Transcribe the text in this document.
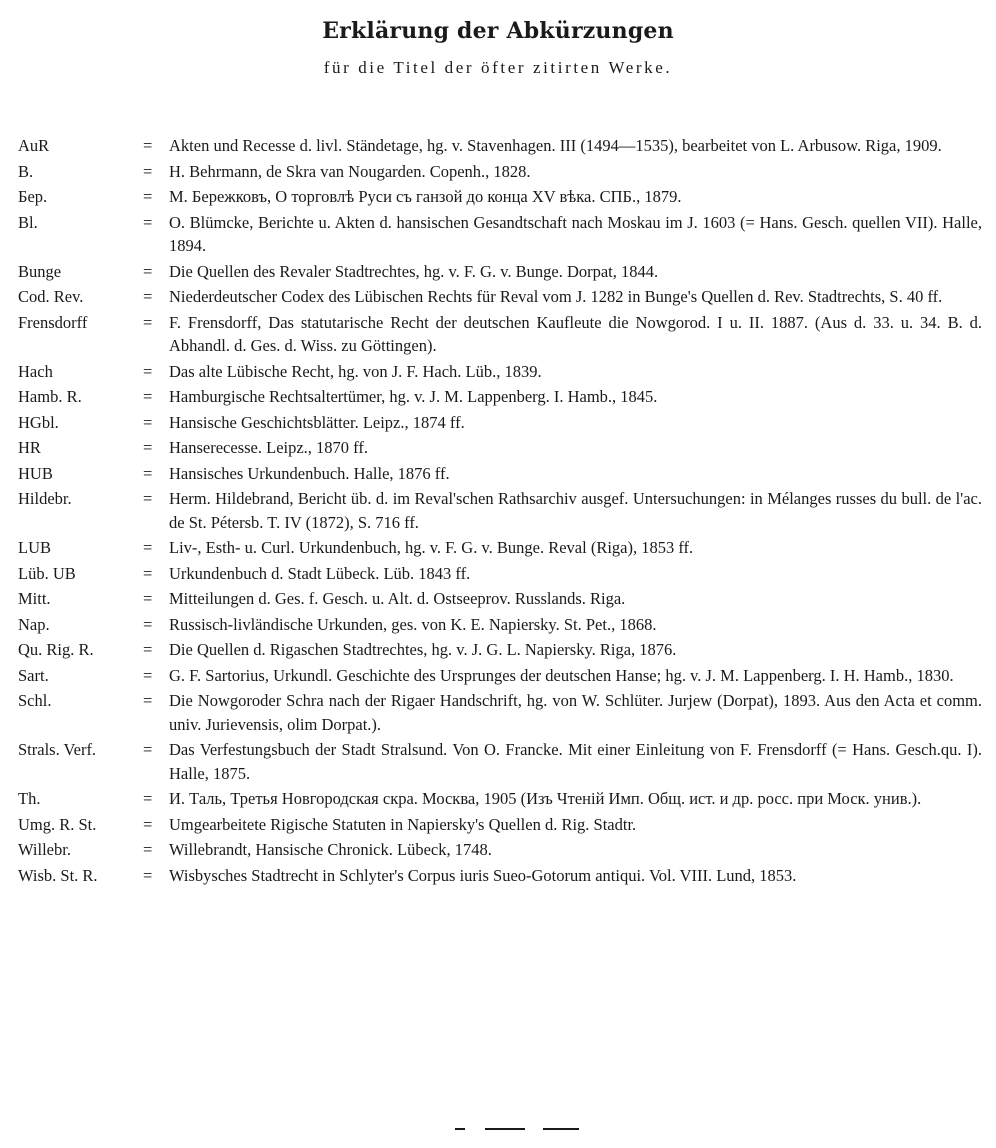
Erklärung der Abkürzungen
für die Titel der öfter zitirten Werke.
AuR	=	Akten und Recesse d. livl. Ständetage, hg. v. Stavenhagen. III (1494—1535), bearbeitet von L. Arbusow. Riga, 1909.
B.	=	H. Behrmann, de Skra van Nougarden. Copenh., 1828.
Бер.	=	М. Бережковъ, О торговлѣ Руси съ ганзой до конца XV вѣка. СПБ., 1879.
Bl.	=	O. Blümcke, Berichte u. Akten d. hansischen Gesandtschaft nach Moskau im J. 1603 (= Hans. Gesch. quellen VII). Halle, 1894.
Bunge	=	Die Quellen des Revaler Stadtrechtes, hg. v. F. G. v. Bunge. Dorpat, 1844.
Cod. Rev.	=	Niederdeutscher Codex des Lübischen Rechts für Reval vom J. 1282 in Bunge's Quellen d. Rev. Stadtrechts, S. 40 ff.
Frensdorff	=	F. Frensdorff, Das statutarische Recht der deutschen Kaufleute die Nowgorod. I u. II. 1887. (Aus d. 33. u. 34. B. d. Abhandl. d. Ges. d. Wiss. zu Göttingen).
Hach	=	Das alte Lübische Recht, hg. von J. F. Hach. Lüb., 1839.
Hamb. R.	=	Hamburgische Rechtsaltertümer, hg. v. J. M. Lappenberg. I. Hamb., 1845.
HGbl.	=	Hansische Geschichtsblätter. Leipz., 1874 ff.
HR	=	Hanserecesse. Leipz., 1870 ff.
HUB	=	Hansisches Urkundenbuch. Halle, 1876 ff.
Hildebr.	=	Herm. Hildebrand, Bericht üb. d. im Reval'schen Rathsarchiv ausgef. Untersuchungen: in Mélanges russes du bull. de l'ac. de St. Pétersb. T. IV (1872), S. 716 ff.
LUB	=	Liv-, Esth- u. Curl. Urkundenbuch, hg. v. F. G. v. Bunge. Reval (Riga), 1853 ff.
Lüb. UB	=	Urkundenbuch d. Stadt Lübeck. Lüb. 1843 ff.
Mitt.	=	Mitteilungen d. Ges. f. Gesch. u. Alt. d. Ostseeprov. Russlands. Riga.
Nap.	=	Russisch-livländische Urkunden, ges. von K. E. Napiersky. St. Pet., 1868.
Qu. Rig. R.	=	Die Quellen d. Rigaschen Stadtrechtes, hg. v. J. G. L. Napiersky. Riga, 1876.
Sart.	=	G. F. Sartorius, Urkundl. Geschichte des Ursprunges der deutschen Hanse; hg. v. J. M. Lappenberg. I. H. Hamb., 1830.
Schl.	=	Die Nowgoroder Schra nach der Rigaer Handschrift, hg. von W. Schlüter. Jurjew (Dorpat), 1893. Aus den Acta et comm. univ. Jurievensis, olim Dorpat.).
Strals. Verf.	=	Das Verfestungsbuch der Stadt Stralsund. Von O. Francke. Mit einer Einleitung von F. Frensdorff (= Hans. Gesch.qu. I). Halle, 1875.
Th.	=	И. Таль, Третья Новгородская скра. Москва, 1905 (Изъ Чтеній Имп. Общ. ист. и др. росс. при Моск. унив.).
Umg. R. St.	=	Umgearbeitete Rigische Statuten in Napiersky's Quellen d. Rig. Stadtr.
Willebr.	=	Willebrandt, Hansische Chronick. Lübeck, 1748.
Wisb. St. R.	=	Wisbysches Stadtrecht in Schlyter's Corpus iuris Sueo-Gotorum antiqui. Vol. VIII. Lund, 1853.
